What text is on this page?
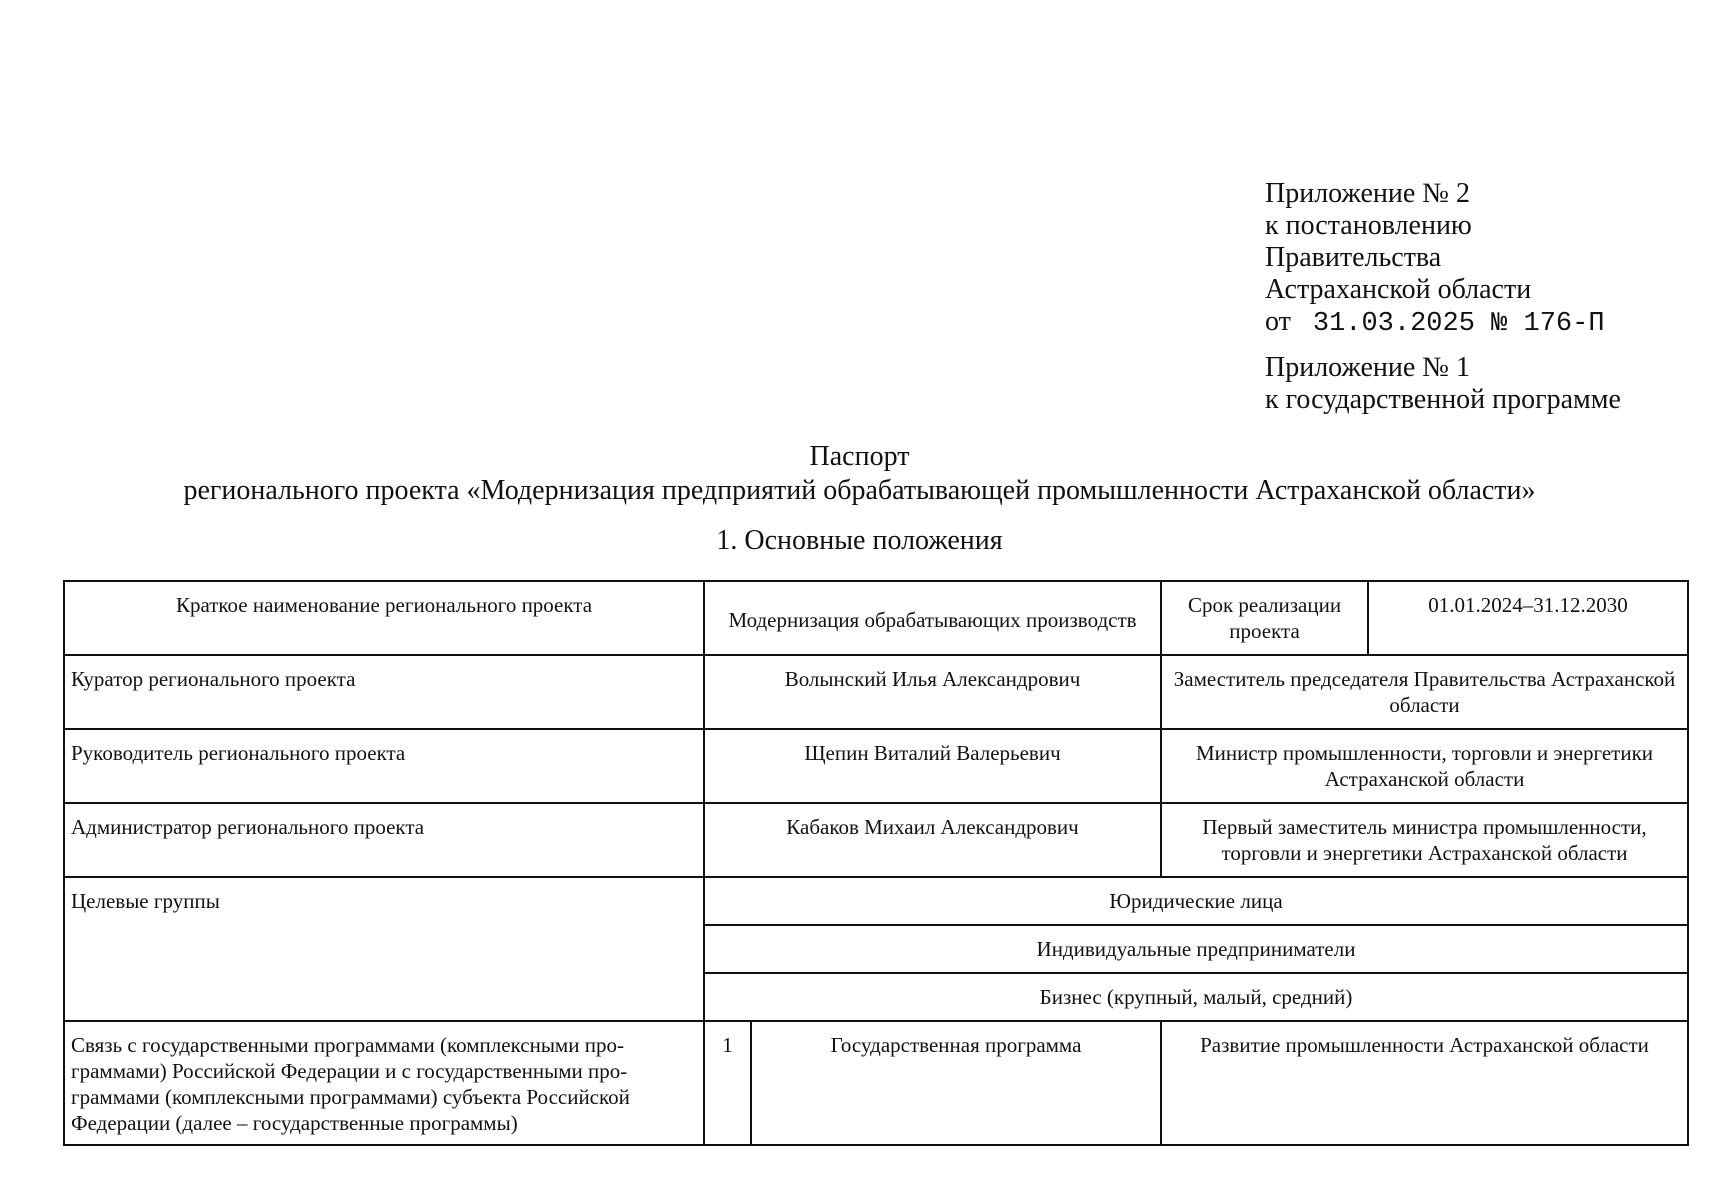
Приложение № 2
к постановлению
Правительства
Астраханской области
от 31.03.2025 № 176-П
Приложение № 1
к государственной программе
Паспорт
регионального проекта «Модернизация предприятий обрабатывающей промышленности Астраханской области»
1. Основные положения
Краткое наименование регионального проекта	Модернизация обрабатывающих производств		Срок реализации проекта	01.01.2024–31.12.2030
Куратор регионального проекта	Волынский Илья Александрович		Заместитель председателя Правительства Астраханской области	
Руководитель регионального проекта	Щепин Виталий Валерьевич		Министр промышленности, торговли и энергетики Астраханской области	
Администратор регионального проекта	Кабаков Михаил Александрович		Первый заместитель министра промышленности, торговли и энергетики Астраханской области	
Целевые группы	Юридические лица			
	Индивидуальные предприниматели			
	Бизнес (крупный, малый, средний)			
Связь с государственными программами (комплексными про-граммами) Российской Федерации и с государственными про-граммами (комплексными программами) субъекта Российской Федерации (далее – государственные программы)	1	Государственная программа	Развитие промышленности Астраханской области	
